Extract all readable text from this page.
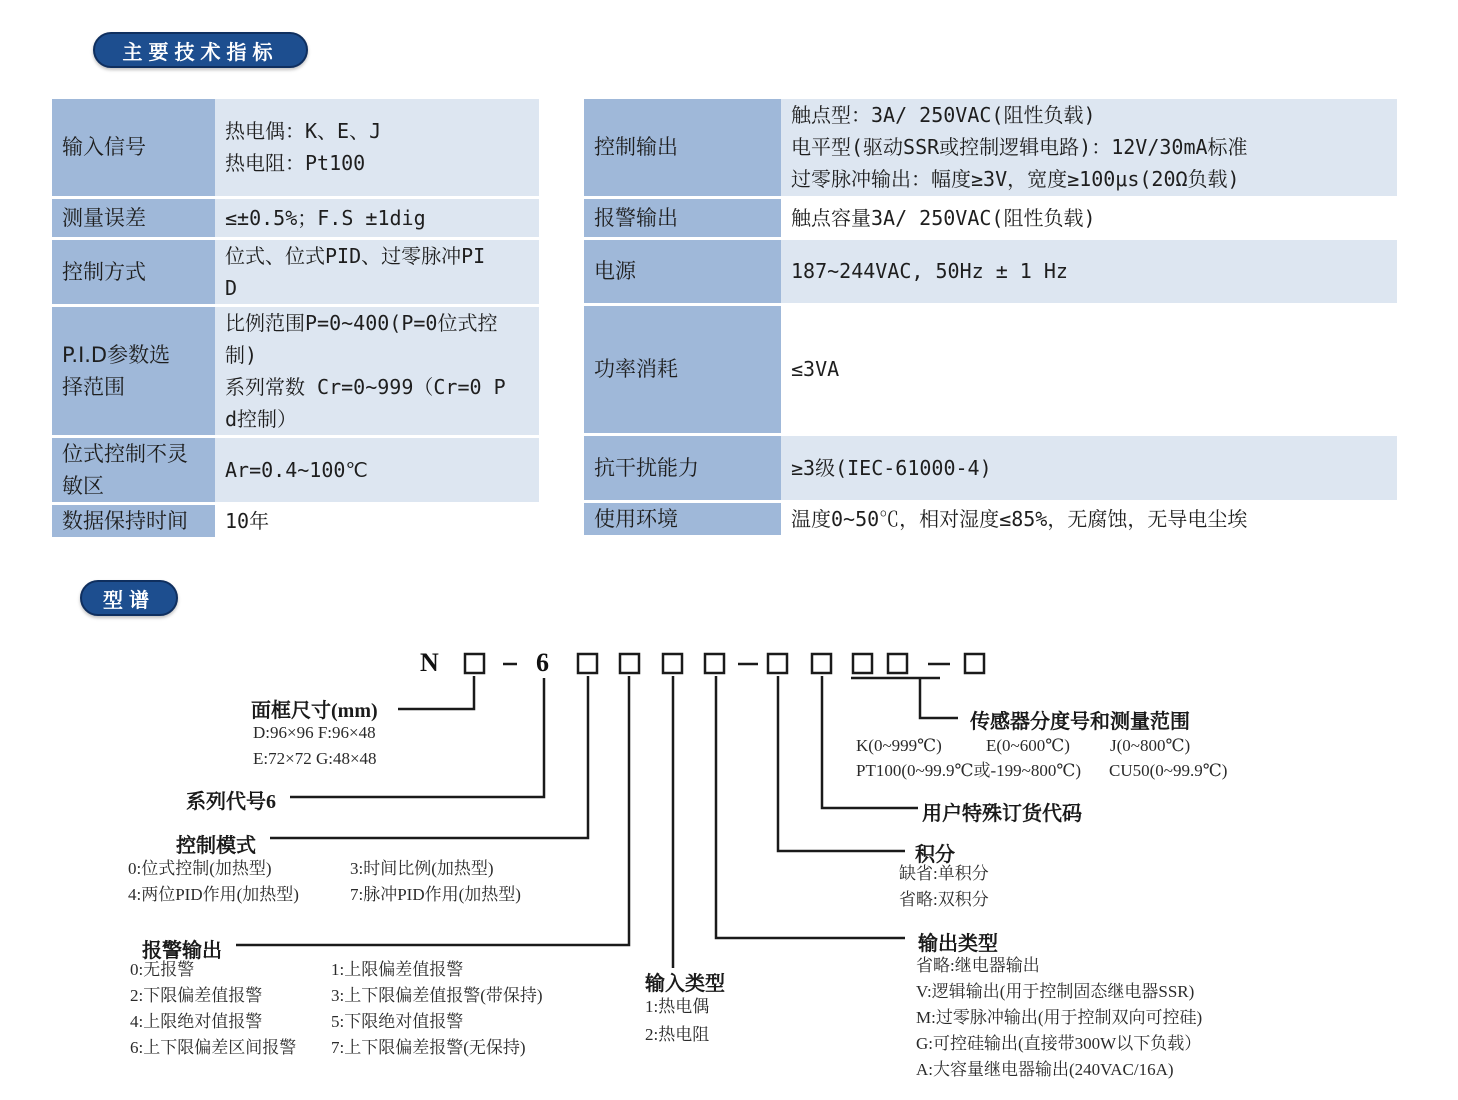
主要技术指标
型谱
输入信号	热电偶：K、E、J
热电阻：Pt100

测量误差	≤±0.5%；F.S ±1dig

控制方式	位式、位式PID、过零脉冲PI
D

P.I.D参数选
择范围	比例范围P=0~400(P=0位式控
制)
系列常数 Cr=0~999（Cr=0 P
d控制）

位式控制不灵
敏区	Ar=0.4~100℃

数据保持时间	10年
控制输出	触点型：3A/ 250VAC(阻性负载)
电平型(驱动SSR或控制逻辑电路)：12V/30mA标准
过零脉冲输出：幅度≥3V，宽度≥100μs(20Ω负载)

报警输出	触点容量3A/ 250VAC(阻性负载)

电源	187~244VAC, 50Hz ± 1 Hz

功率消耗	≤3VA

抗干扰能力	≥3级(IEC-61000-4)

使用环境	温度0~50℃，相对湿度≤85%，无腐蚀，无导电尘埃
N	6
面框尺寸(mm)
D:96×96 F:96×48
E:72×72 G:48×48
系列代号6
控制模式
0:位式控制(加热型)
4:两位PID作用(加热型)
3:时间比例(加热型)
7:脉冲PID作用(加热型)
报警输出
0:无报警
2:下限偏差值报警
4:上限绝对值报警
6:上下限偏差区间报警
1:上限偏差值报警
3:上下限偏差值报警(带保持)
5:下限绝对值报警
7:上下限偏差报警(无保持)
输入类型
1:热电偶
2:热电阻
输出类型
省略:继电器输出
V:逻辑输出(用于控制固态继电器SSR)
M:过零脉冲输出(用于控制双向可控硅)
G:可控硅输出(直接带300W以下负载）
A:大容量继电器输出(240VAC/16A)
积分
缺省:单积分
省略:双积分
用户特殊订货代码
传感器分度号和测量范围
K(0~999℃)	E(0~600℃) J(0~800℃)
PT100(0~99.9℃或-199~800℃) CU50(0~99.9℃)
